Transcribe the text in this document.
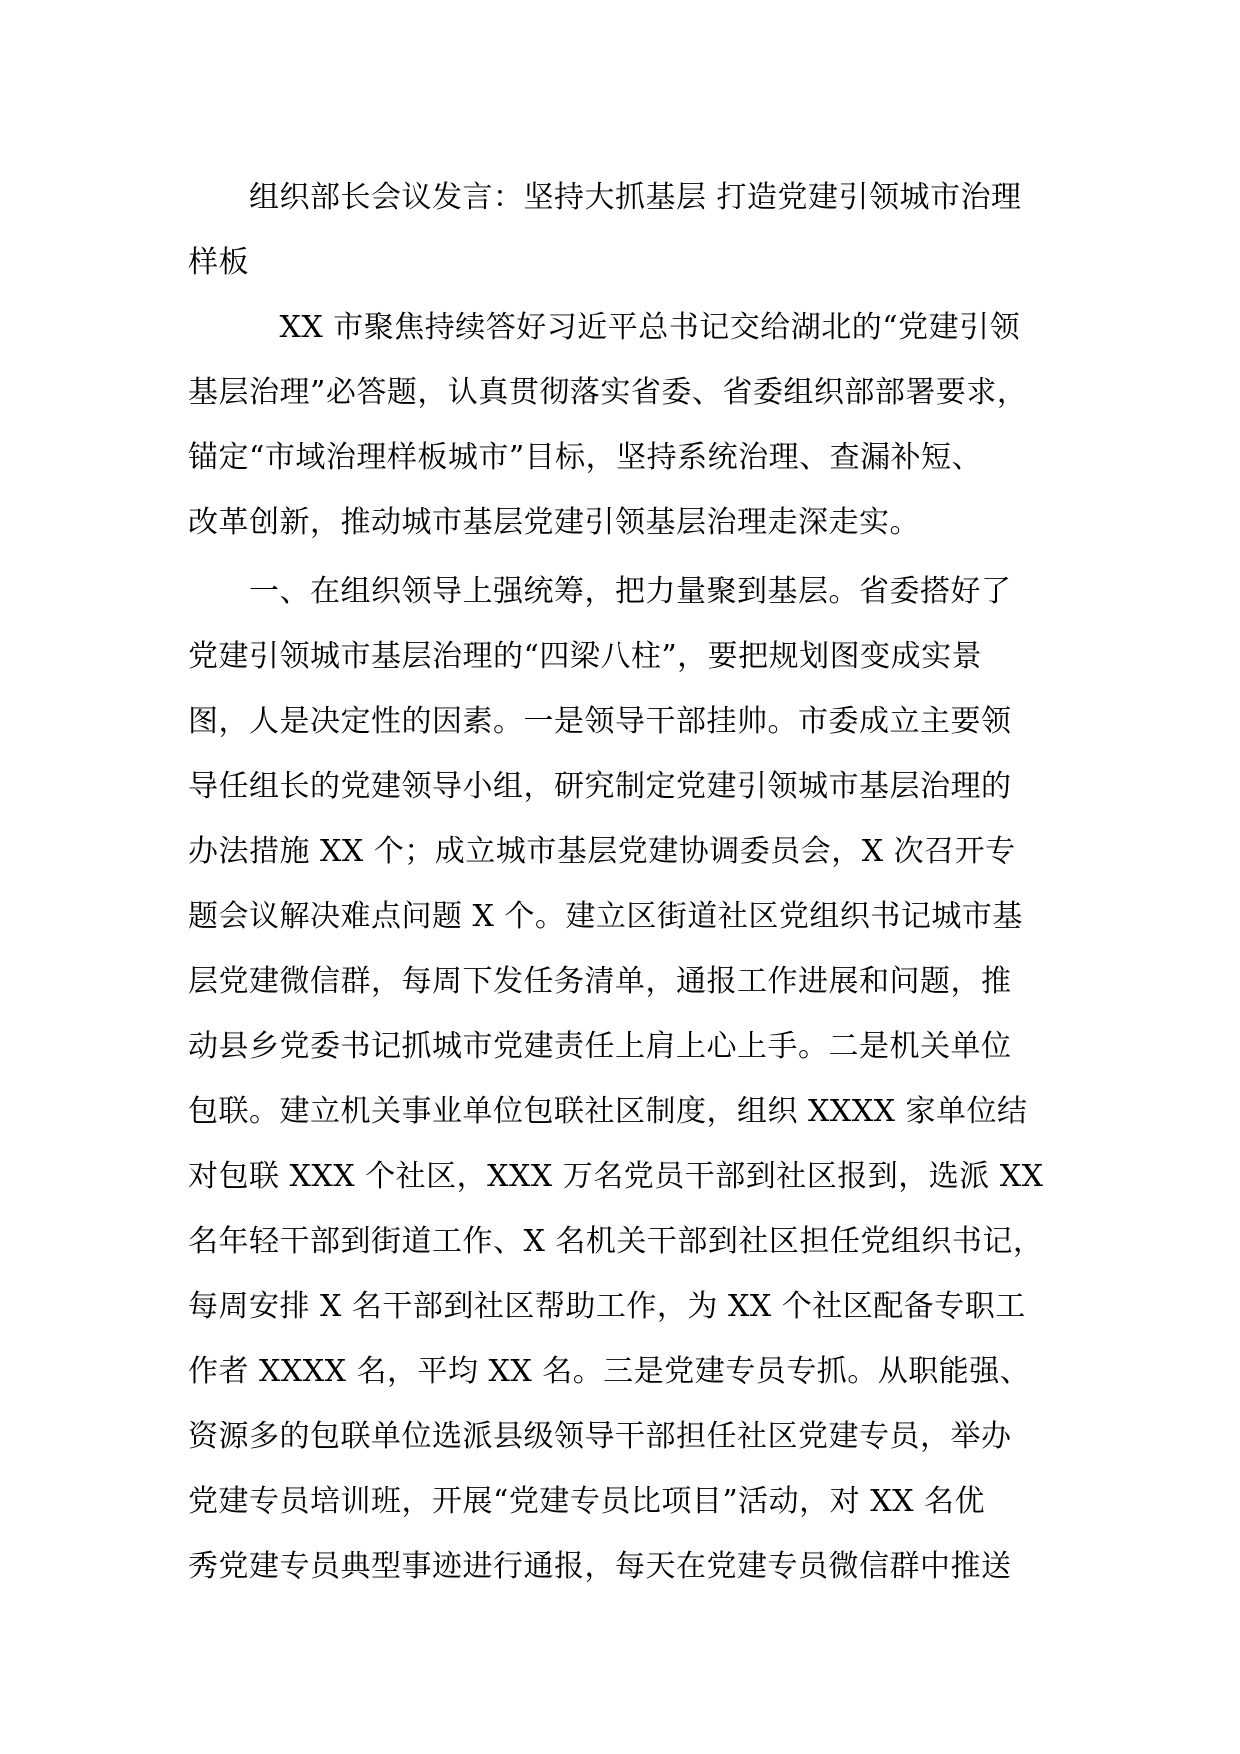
　　组织部长会议发言：坚持大抓基层 打造党建引领城市治理
样板
　　　XX 市聚焦持续答好习近平总书记交给湖北的“党建引领
基层治理”必答题，认真贯彻落实省委、省委组织部部署要求，
锚定“市域治理样板城市”目标，坚持系统治理、查漏补短、
改革创新，推动城市基层党建引领基层治理走深走实。
　　一、在组织领导上强统筹，把力量聚到基层。省委搭好了
党建引领城市基层治理的“四梁八柱”，要把规划图变成实景
图，人是决定性的因素。一是领导干部挂帅。市委成立主要领
导任组长的党建领导小组，研究制定党建引领城市基层治理的
办法措施 XX 个；成立城市基层党建协调委员会，X 次召开专
题会议解决难点问题 X 个。建立区街道社区党组织书记城市基
层党建微信群，每周下发任务清单，通报工作进展和问题，推
动县乡党委书记抓城市党建责任上肩上心上手。二是机关单位
包联。建立机关事业单位包联社区制度，组织 XXXX 家单位结
对包联 XXX 个社区，XXX 万名党员干部到社区报到，选派 XX
名年轻干部到街道工作、X 名机关干部到社区担任党组织书记，
每周安排 X 名干部到社区帮助工作，为 XX 个社区配备专职工
作者 XXXX 名，平均 XX 名。三是党建专员专抓。从职能强、
资源多的包联单位选派县级领导干部担任社区党建专员，举办
党建专员培训班，开展“党建专员比项目”活动，对 XX 名优
秀党建专员典型事迹进行通报，每天在党建专员微信群中推送
